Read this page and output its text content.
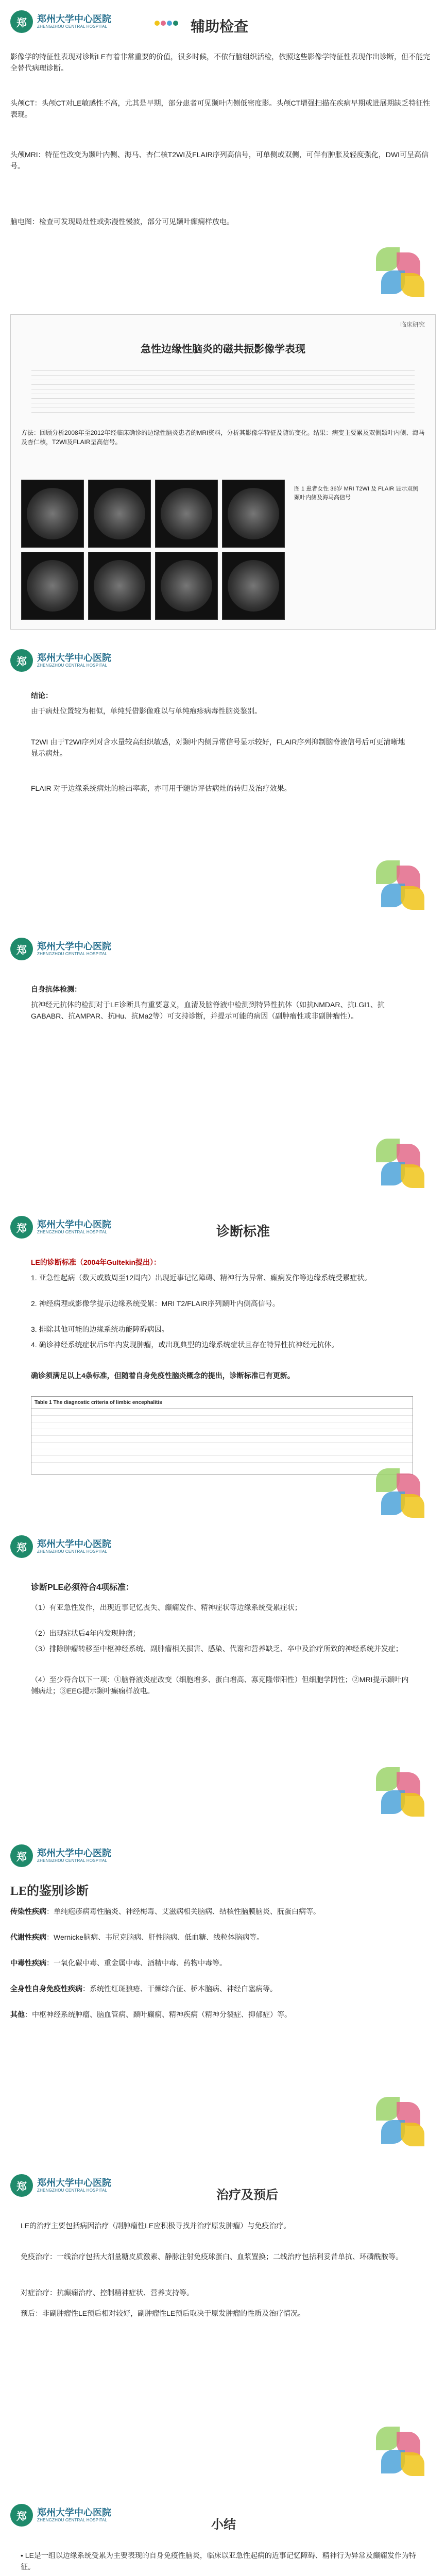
郑	郑州大学中心医院
ZHENGZHOU CENTRAL HOSPITAL	辅助检查
影像学的特征性表现对诊断LE有着非常重要的价值，很多时候，不依行脑组织活检，依照这些影像学特征性表现作出诊断，但不能完全替代病理诊断。
头颅CT：头颅CT对LE敏感性不高，尤其是早期，部分患者可见颞叶内侧低密度影。头颅CT增强扫描在疾病早期或进展期缺乏特征性表现。
头颅MRI：特征性改变为颞叶内侧、海马、杏仁核T2WI及FLAIR序列高信号，可单侧或双侧，可伴有肿胀及轻度强化，DWI可呈高信号。
脑电图：检查可发现局灶性或弥漫性慢波，部分可见颞叶癫痫样放电。
临床研究
急性边缘性脑炎的磁共振影像学表现
方法：回顾分析2008年至2012年经临床确诊的边缘性脑炎患者的MRI资料，分析其影像学特征及随访变化。结果：病变主要累及双侧颞叶内侧、海马及杏仁核，T2WI及FLAIR呈高信号。
图 1 患者女性 36岁 MRI T2WI 及 FLAIR 显示双侧颞叶内侧及海马高信号
郑	郑州大学中心医院
ZHENGZHOU CENTRAL HOSPITAL
结论：
由于病灶位置较为相似，单纯凭借影像难以与单纯疱疹病毒性脑炎鉴别。
T2WI 由于T2WI序列对含水量较高组织敏感，对颞叶内侧异常信号显示较好，FLAIR序列抑制脑脊液信号后可更清晰地显示病灶。
FLAIR 对于边缘系统病灶的检出率高，亦可用于随访评估病灶的转归及治疗效果。
郑	郑州大学中心医院
ZHENGZHOU CENTRAL HOSPITAL
自身抗体检测：
抗神经元抗体的检测对于LE诊断具有重要意义，血清及脑脊液中检测到特异性抗体（如抗NMDAR、抗LGI1、抗GABABR、抗AMPAR、抗Hu、抗Ma2等）可支持诊断，并提示可能的病因（副肿瘤性或非副肿瘤性）。
郑	郑州大学中心医院
ZHENGZHOU CENTRAL HOSPITAL	诊断标准
LE的诊断标准（2004年Gultekin提出）：
1. 亚急性起病（数天或数周至12周内）出现近事记忆障碍、精神行为异常、癫痫发作等边缘系统受累症状。
2. 神经病理或影像学提示边缘系统受累：MRI T2/FLAIR序列颞叶内侧高信号。
3. 排除其他可能的边缘系统功能障碍病因。
4. 确诊神经系统症状后5年内发现肿瘤，或出现典型的边缘系统症状且存在特异性抗神经元抗体。
确诊须满足以上4条标准，但随着自身免疫性脑炎概念的提出，诊断标准已有更新。
Table 1 The diagnostic criteria of limbic encephalitis
郑	郑州大学中心医院
ZHENGZHOU CENTRAL HOSPITAL
诊断PLE必须符合4项标准：
（1）有亚急性发作，出现近事记忆丧失、癫痫发作、精神症状等边缘系统受累症状；
（2）出现症状后4年内发现肿瘤；
（3）排除肿瘤转移至中枢神经系统、副肿瘤相关损害、感染、代谢和营养缺乏、卒中及治疗所致的神经系统并发症；
（4）至少符合以下一项：①脑脊液炎症改变（细胞增多、蛋白增高、寡克隆带阳性）但细胞学阴性；②MRI提示颞叶内侧病灶；③EEG提示颞叶癫痫样放电。
郑	郑州大学中心医院
ZHENGZHOU CENTRAL HOSPITAL
LE的鉴别诊断
传染性疾病：单纯疱疹病毒性脑炎、神经梅毒、艾滋病相关脑病、结核性脑膜脑炎、朊蛋白病等。
代谢性疾病：Wernicke脑病、韦尼克脑病、肝性脑病、低血糖、线粒体脑病等。
中毒性疾病：一氧化碳中毒、重金属中毒、酒精中毒、药物中毒等。
全身性自身免疫性疾病：系统性红斑狼疮、干燥综合征、桥本脑病、神经白塞病等。
其他：中枢神经系统肿瘤、脑血管病、颞叶癫痫、精神疾病（精神分裂症、抑郁症）等。
郑	郑州大学中心医院
ZHENGZHOU CENTRAL HOSPITAL	治疗及预后
LE的治疗主要包括病因治疗（副肿瘤性LE应积极寻找并治疗原发肿瘤）与免疫治疗。
免疫治疗：一线治疗包括大剂量糖皮质激素、静脉注射免疫球蛋白、血浆置换；二线治疗包括利妥昔单抗、环磷酰胺等。
对症治疗：抗癫痫治疗、控制精神症状、营养支持等。
预后：非副肿瘤性LE预后相对较好，副肿瘤性LE预后取决于原发肿瘤的性质及治疗情况。
郑	郑州大学中心医院
ZHENGZHOU CENTRAL HOSPITAL	小结
• LE是一组以边缘系统受累为主要表现的自身免疫性脑炎，临床以亚急性起病的近事记忆障碍、精神行为异常及癫痫发作为特征。
